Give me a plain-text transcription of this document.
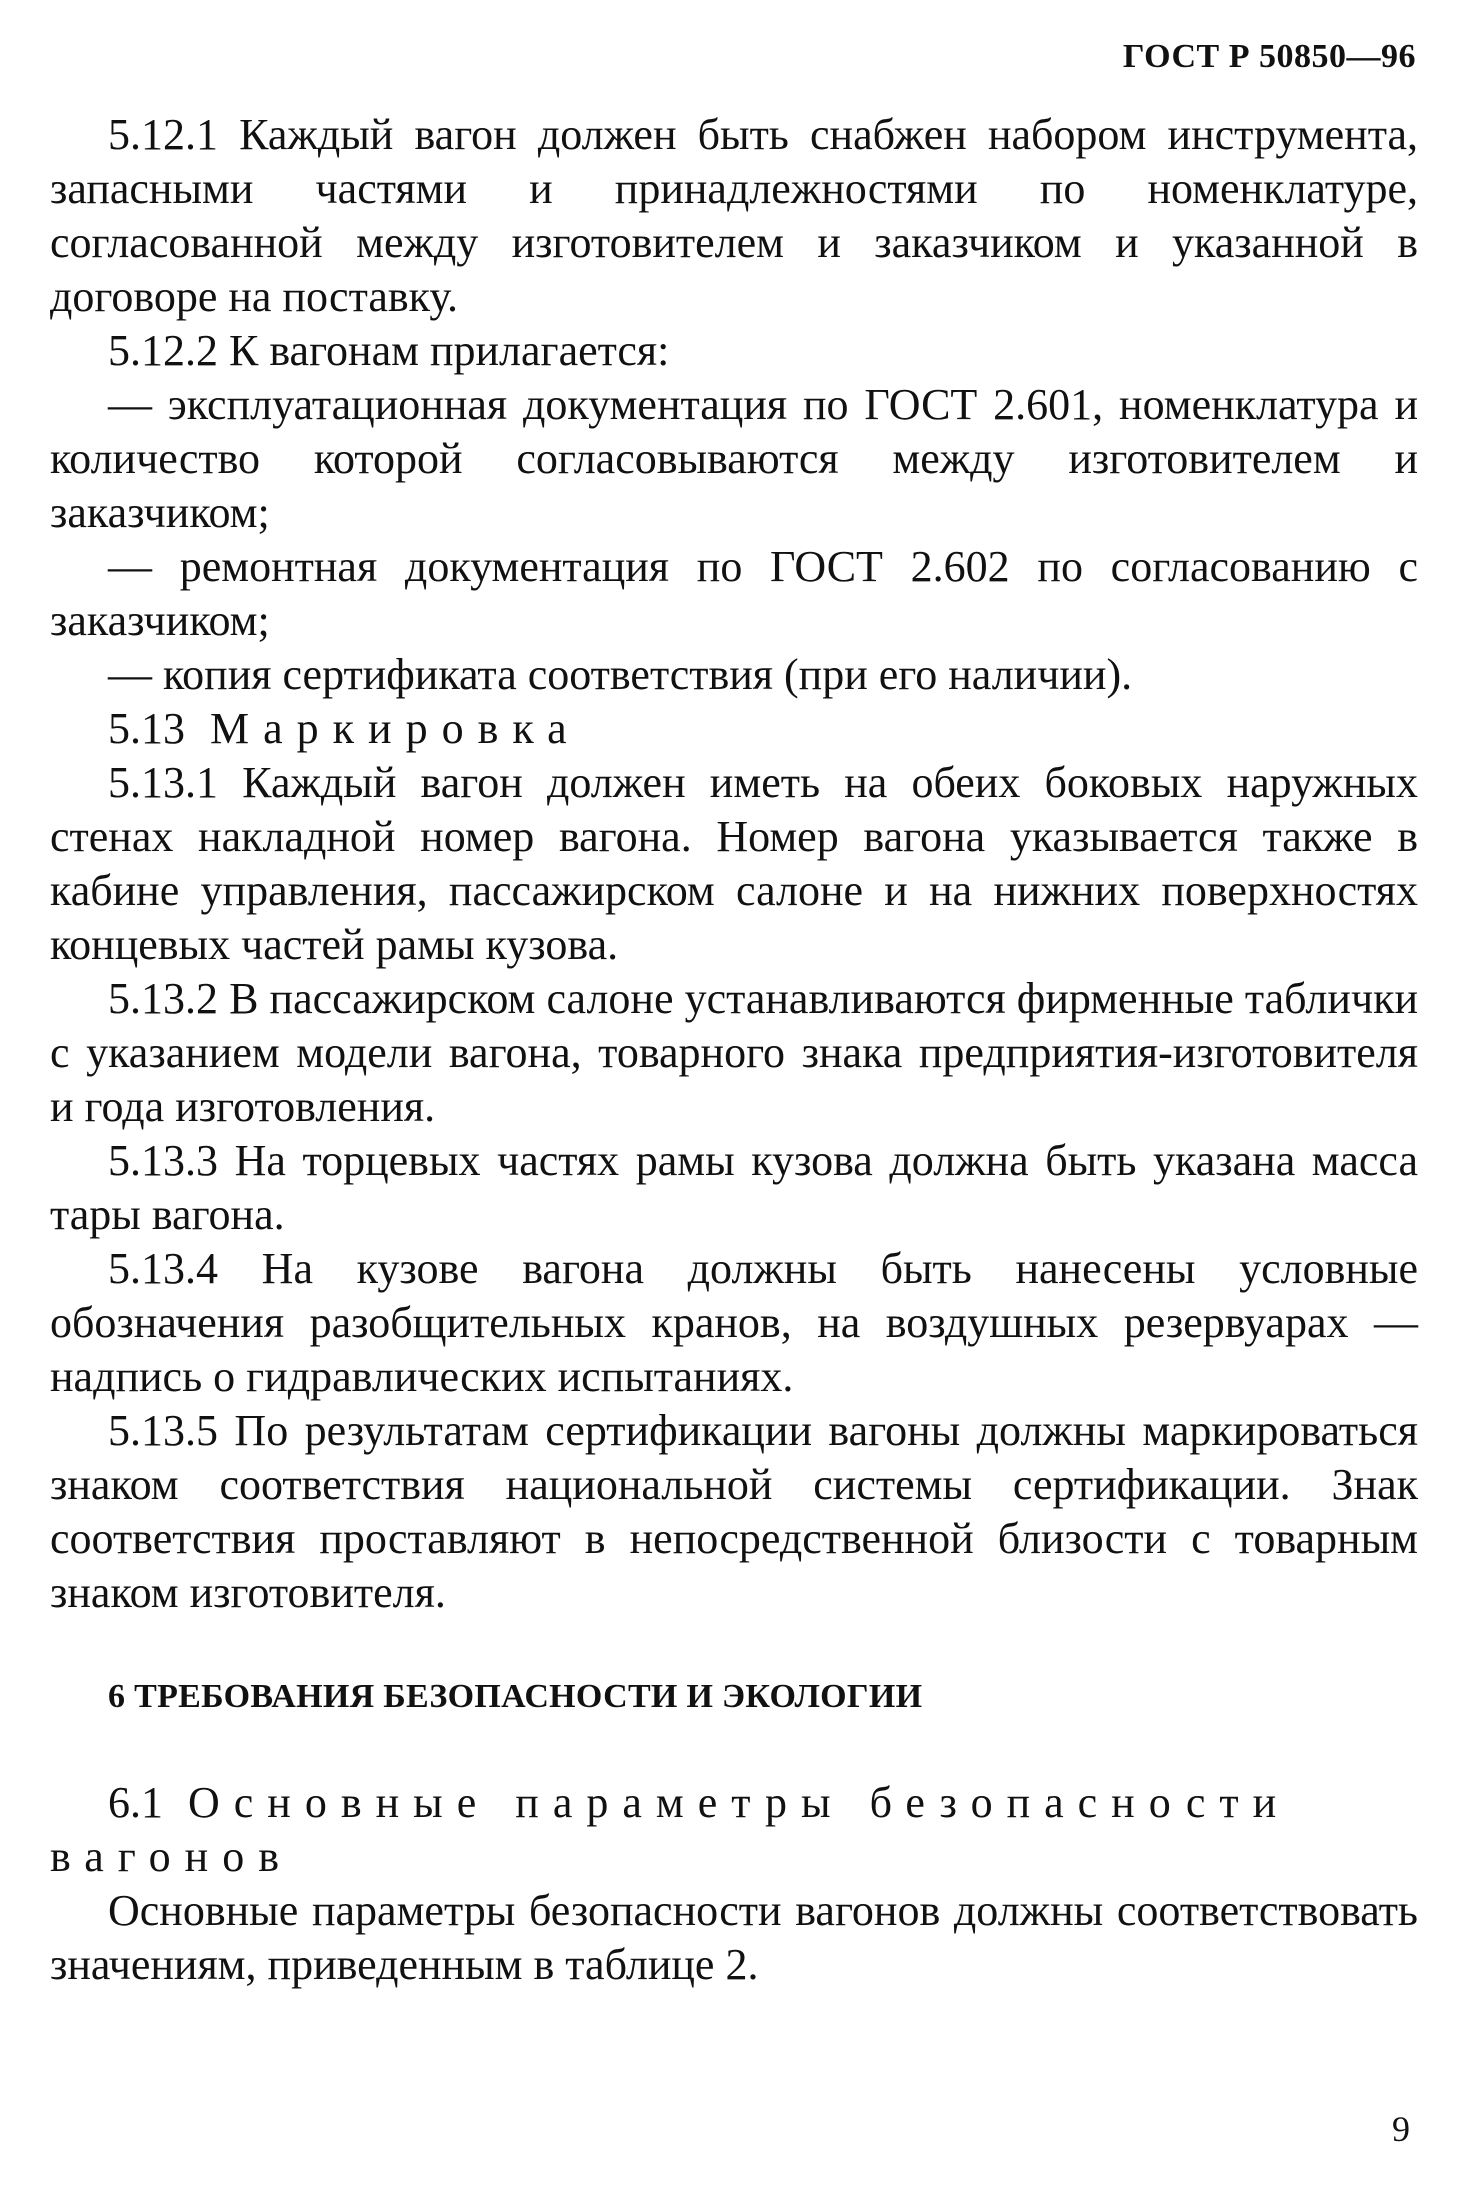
ГОСТ Р 50850—96

5.12.1 Каждый вагон должен быть снабжен набором инструмента, запасными частями и принадлежностями по номенклатуре, согласованной между изготовителем и заказчиком и указанной в договоре на поставку.

5.12.2 К вагонам прилагается:

— эксплуатационная документация по ГОСТ 2.601, номенклатура и количество которой согласовываются между изготовителем и заказчиком;

— ремонтная документация по ГОСТ 2.602 по согласованию с заказчиком;

— копия сертификата соответствия (при его наличии).

5.13 Маркировка

5.13.1 Каждый вагон должен иметь на обеих боковых наружных стенах накладной номер вагона. Номер вагона указывается также в кабине управления, пассажирском салоне и на нижних поверхностях концевых частей рамы кузова.

5.13.2 В пассажирском салоне устанавливаются фирменные таблички с указанием модели вагона, товарного знака предприятия-изготовителя и года изготовления.

5.13.3 На торцевых частях рамы кузова должна быть указана масса тары вагона.

5.13.4 На кузове вагона должны быть нанесены условные обозначения разобщительных кранов, на воздушных резервуарах — надпись о гидравлических испытаниях.

5.13.5 По результатам сертификации вагоны должны маркироваться знаком соответствия национальной системы сертификации. Знак соответствия проставляют в непосредственной близости с товарным знаком изготовителя.

6 ТРЕБОВАНИЯ БЕЗОПАСНОСТИ И ЭКОЛОГИИ

6.1 Основные параметры безопасности вагонов

Основные параметры безопасности вагонов должны соответствовать значениям, приведенным в таблице 2.

9
